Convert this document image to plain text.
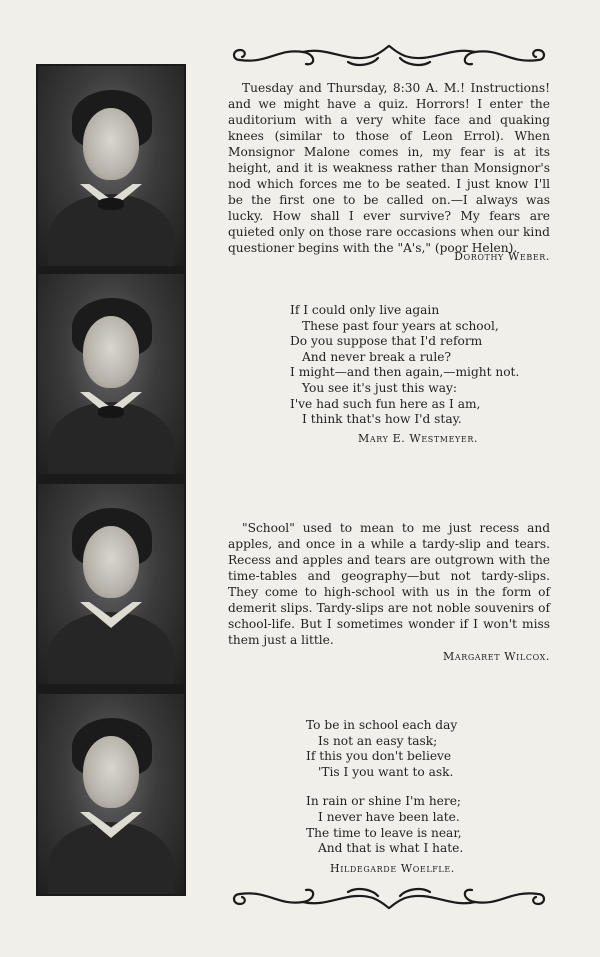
Tuesday and Thursday, 8:30 A. M.! Instructions! and we might have a quiz. Horrors! I enter the auditorium with a very white face and quaking knees (similar to those of Leon Errol). When Monsignor Malone comes in, my fear is at its height, and it is weakness rather than Monsignor's nod which forces me to be seated. I just know I'll be the first one to be called on.—I always was lucky. How shall I ever survive? My fears are quieted only on those rare occasions when our kind questioner begins with the "A's," (poor Helen).

Dorothy Weber.

If I could only live again
These past four years at school,
Do you suppose that I'd reform
And never break a rule?
I might—and then again,—might not.
You see it's just this way:
I've had such fun here as I am,
I think that's how I'd stay.

Mary E. Westmeyer.

"School" used to mean to me just recess and apples, and once in a while a tardy-slip and tears. Recess and apples and tears are outgrown with the time-tables and geography—but not tardy-slips. They come to high-school with us in the form of demerit slips. Tardy-slips are not noble souvenirs of school-life. But I sometimes wonder if I won't miss them just a little.

Margaret Wilcox.

To be in school each day
Is not an easy task;
If this you don't believe
'Tis I you want to ask.
In rain or shine I'm here;
I never have been late.
The time to leave is near,
And that is what I hate.

Hildegarde Woelfle.
